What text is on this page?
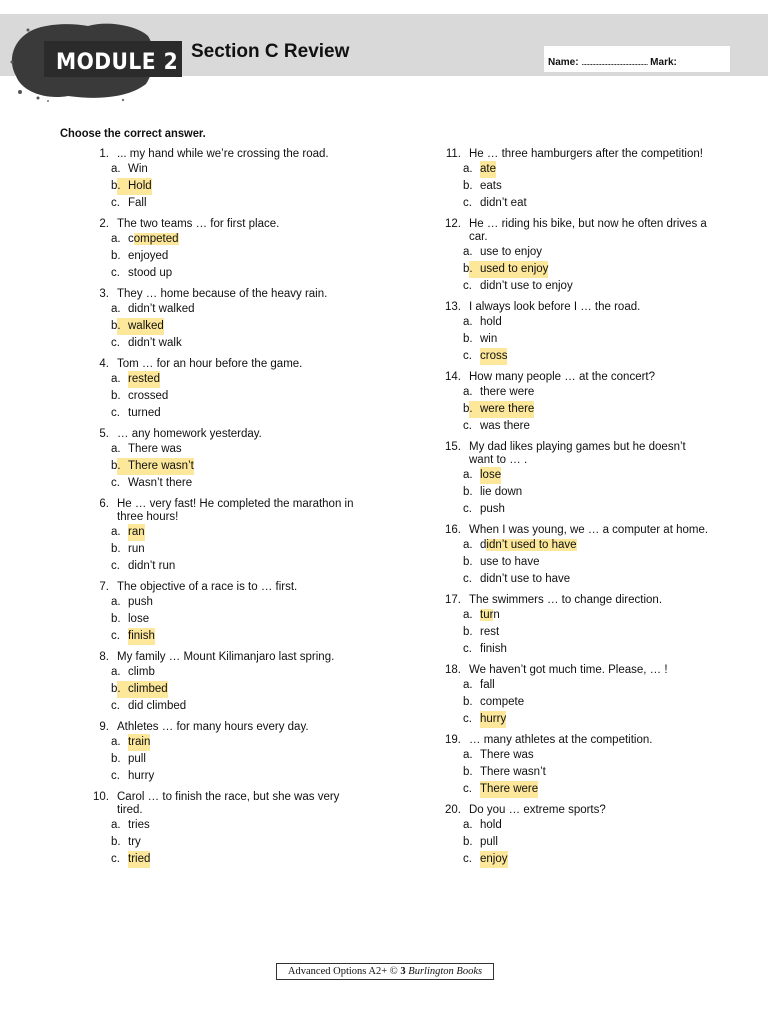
MODULE 2 Section C Review
Name: ............................................ Mark:
Choose the correct answer.
1. ... my hand while we’re crossing the road.
a. Win
b. Hold
c. Fall
2. The two teams … for first place.
a. competed
b. enjoyed
c. stood up
3. They … home because of the heavy rain.
a. didn’t walked
b. walked
c. didn’t walk
4. Tom … for an hour before the game.
a. rested
b. crossed
c. turned
5. … any homework yesterday.
a. There was
b. There wasn’t
c. Wasn’t there
6. He … very fast! He completed the marathon in three hours!
a. ran
b. run
c. didn’t run
7. The objective of a race is to … first.
a. push
b. lose
c. finish
8. My family … Mount Kilimanjaro last spring.
a. climb
b. climbed
c. did climbed
9. Athletes … for many hours every day.
a. train
b. pull
c. hurry
10. Carol … to finish the race, but she was very tired.
a. tries
b. try
c. tried
11. He … three hamburgers after the competition!
a. ate
b. eats
c. didn’t eat
12. He … riding his bike, but now he often drives a car.
a. use to enjoy
b. used to enjoy
c. didn’t use to enjoy
13. I always look before I … the road.
a. hold
b. win
c. cross
14. How many people … at the concert?
a. there were
b. were there
c. was there
15. My dad likes playing games but he doesn’t want to … .
a. lose
b. lie down
c. push
16. When I was young, we … a computer at home.
a. didn’t used to have
b. use to have
c. didn’t use to have
17. The swimmers … to change direction.
a. turn
b. rest
c. finish
18. We haven’t got much time. Please, … !
a. fall
b. compete
c. hurry
19. … many athletes at the competition.
a. There was
b. There wasn’t
c. There were
20. Do you … extreme sports?
a. hold
b. pull
c. enjoy
Advanced Options A2+ © 3 Burlington Books
